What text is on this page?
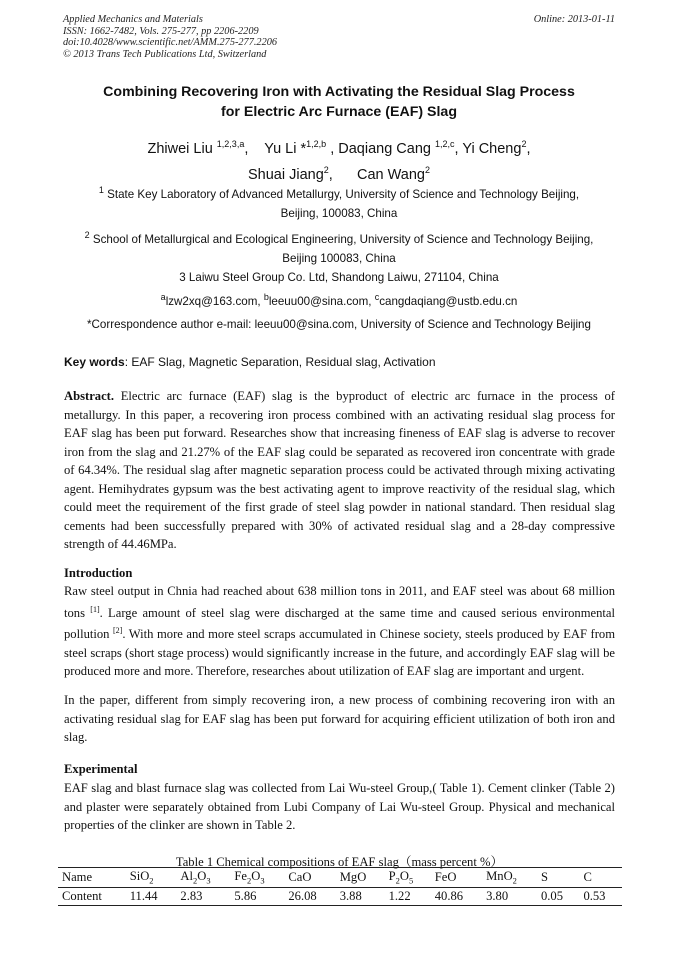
Applied Mechanics and Materials
ISSN: 1662-7482, Vols. 275-277, pp 2206-2209
doi:10.4028/www.scientific.net/AMM.275-277.2206
© 2013 Trans Tech Publications Ltd, Switzerland
Online: 2013-01-11
Combining Recovering Iron with Activating the Residual Slag Process
for Electric Arc Furnace (EAF) Slag
Zhiwei Liu $^{1,2,3,a}$,    Yu Li *$^{1,2,b}$ , Daqiang Cang $^{1,2,c}$, Yi Cheng$^2$,
Shuai Jiang$^2$,      Can Wang$^2$
$^1$ State Key Laboratory of Advanced Metallurgy, University of Science and Technology Beijing,
Beijing, 100083, China
$^2$ School of Metallurgical and Ecological Engineering, University of Science and Technology Beijing,
Beijing 100083, China
3 Laiwu Steel Group Co. Ltd, Shandong Laiwu, 271104, China
$^a$lzw2xq@163.com, $^b$leeuu00@sina.com, $^c$cangdaqiang@ustb.edu.cn
*Correspondence author e-mail: leeuu00@sina.com, University of Science and Technology Beijing
Key words: EAF Slag, Magnetic Separation, Residual slag, Activation
Abstract. Electric arc furnace (EAF) slag is the byproduct of electric arc furnace in the process of metallurgy. In this paper, a recovering iron process combined with an activating residual slag process for EAF slag has been put forward. Researches show that increasing fineness of EAF slag is adverse to recover iron from the slag and 21.27% of the EAF slag could be separated as recovered iron concentrate with grade of 64.34%. The residual slag after magnetic separation process could be activated through mixing activating agent. Hemihydrates gypsum was the best activating agent to improve reactivity of the residual slag, which could meet the requirement of the first grade of steel slag powder in national standard. Then residual slag cements had been successfully prepared with 30% of activated residual slag and a 28-day compressive strength of 44.46MPa.
Introduction
Raw steel output in Chnia had reached about 638 million tons in 2011, and EAF steel was about 68 million tons [1]. Large amount of steel slag were discharged at the same time and caused serious environmental pollution [2]. With more and more steel scraps accumulated in Chinese society, steels produced by EAF from steel scraps (short stage process) would significantly increase in the future, and accordingly EAF slag will be produced more and more. Therefore, researches about utilization of EAF slag are important and urgent.
In the paper, different from simply recovering iron, a new process of combining recovering iron with an activating residual slag for EAF slag has been put forward for acquiring efficient utilization of both iron and slag.
Experimental
EAF slag and blast furnace slag was collected from Lai Wu-steel Group,( Table 1). Cement clinker (Table 2) and plaster were separately obtained from Lubi Company of Lai Wu-steel Group. Physical and mechanical properties of the clinker are shown in Table 2.
Table 1 Chemical compositions of EAF slag（mass percent %）
Name	SiO$_2$	$Al_2O_3$	$Fe_2O_3$	CaO	MgO	$P_2O_5$	FeO	MnO$_2$	S	C
Content	11.44	2.83	5.86	26.08	3.88	1.22	40.86	3.80	0.05	0.53
